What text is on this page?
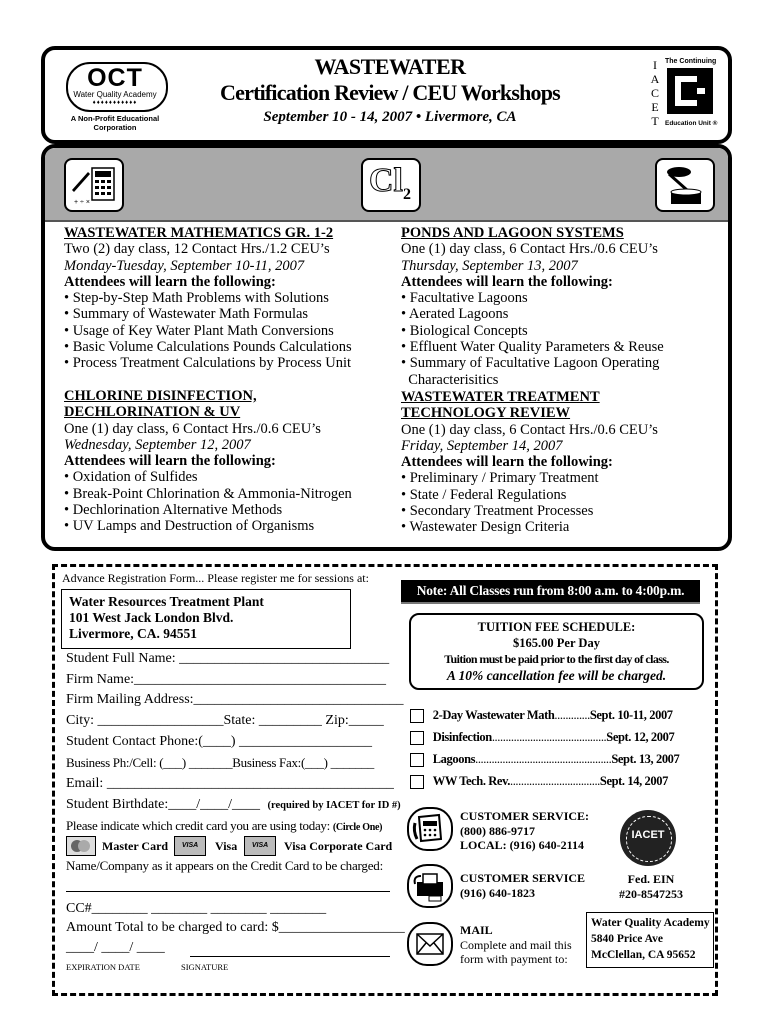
OCT
Water Quality Academy
♦♦♦♦♦♦♦♦♦♦♦
A Non-Profit Educational Corporation
WASTEWATER
Certification Review / CEU Workshops
September 10 - 14, 2007 • Livermore, CA
I
A
C
E
T
The Continuing
Education Unit ®
+ ÷ ×
Cl 2
WASTEWATER MATHEMATICS GR. 1-2
Two (2) day class, 12 Contact Hrs./1.2 CEU’s
Monday-Tuesday, September 10-11, 2007
Attendees will learn the following:
• Step-by-Step Math Problems with Solutions
• Summary of Wastewater Math Formulas
• Usage of Key Water Plant Math Conversions
• Basic Volume Calculations Pounds Calculations
• Process Treatment Calculations by Process Unit
CHLORINE DISINFECTION,
DECHLORINATION & UV
One (1) day class, 6 Contact Hrs./0.6 CEU’s
Wednesday, September 12, 2007
Attendees will learn the following:
• Oxidation of Sulfides
• Break-Point Chlorination & Ammonia-Nitrogen
• Dechlorination Alternative Methods
• UV Lamps and Destruction of Organisms
PONDS AND LAGOON SYSTEMS
One (1) day class, 6 Contact Hrs./0.6 CEU’s
Thursday, September 13, 2007
Attendees will learn the following:
• Facultative Lagoons
• Aerated Lagoons
• Biological Concepts
• Effluent Water Quality Parameters & Reuse
• Summary of Facultative Lagoon Operating
Characterisitics
WASTEWATER TREATMENT
TECHNOLOGY REVIEW
One (1) day class, 6 Contact Hrs./0.6 CEU’s
Friday, September 14, 2007
Attendees will learn the following:
• Preliminary / Primary Treatment
• State / Federal Regulations
• Secondary Treatment Processes
• Wastewater Design Criteria
Advance Registration Form... Please register me for sessions at:
Water Resources Treatment Plant
101 West Jack London Blvd.
Livermore, CA. 94551
Student Full Name: ______________________________
Firm Name:____________________________________
Firm Mailing Address:______________________________
City: __________________State: _________ Zip:_____
Student Contact Phone:(____) ___________________
Business Ph:/Cell: (___) _______Business Fax:(___) _______
Email: _________________________________________
Student Birthdate:____/____/____ (required by IACET for ID #)
Please indicate which credit card you are using today: (Circle One)
Master Card	VISA	Visa	VISA	Visa Corporate Card
Name/Company as it appears on the Credit Card to be charged:
CC#________ ________ ________ ________
Amount Total to be charged to card: $__________________
____/ ____/ ____
EXPIRATION DATE	SIGNATURE
Note: All Classes run from 8:00 a.m. to 4:00p.m.
TUITION FEE SCHEDULE:
$165.00 Per Day
Tuition must be paid prior to the first day of class.
A 10% cancellation fee will be charged.
2-Day Wastewater Math.............Sept. 10-11, 2007
Disinfection..........................................Sept. 12, 2007
Lagoons..................................................Sept. 13, 2007
WW Tech. Rev..................................Sept. 14, 2007
CUSTOMER SERVICE:
(800) 886-9717
LOCAL: (916) 640-2114
IACET
CUSTOMER SERVICE
(916) 640-1823
Fed. EIN
#20-8547253
MAIL
Complete and mail this
form with payment to:
Water Quality Academy
5840 Price Ave
McClellan, CA 95652
